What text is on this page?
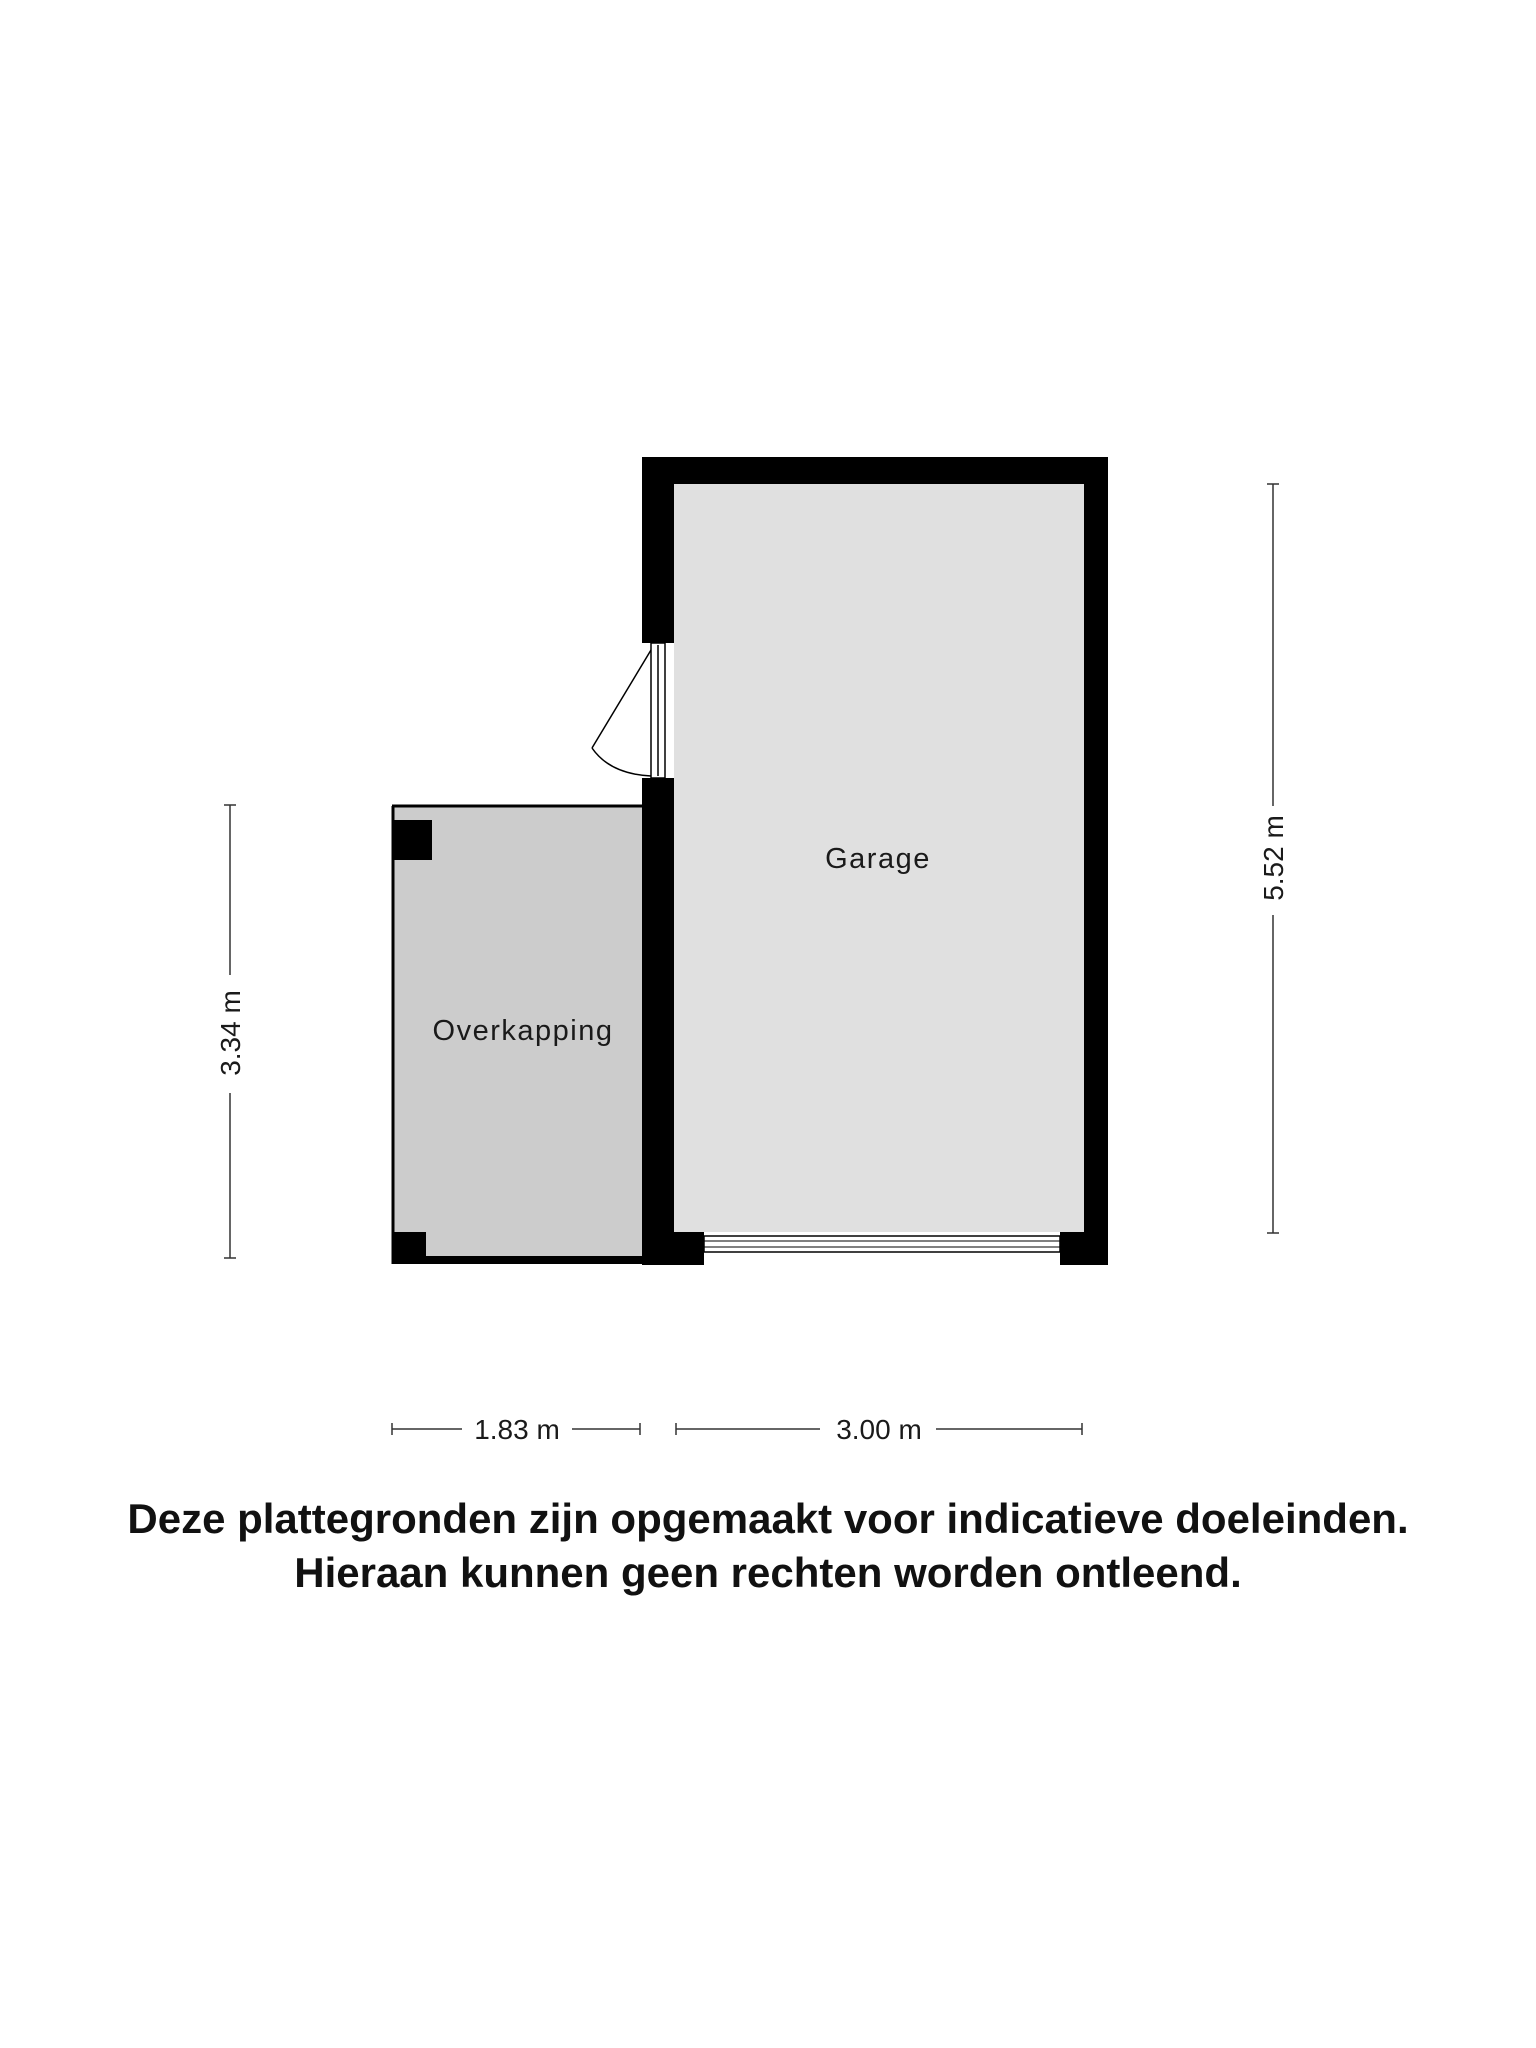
Overkapping
Garage
3.34 m
5.52 m
1.83 m	3.00 m
Deze plattegronden zijn opgemaakt voor indicatieve doeleinden.
Hieraan kunnen geen rechten worden ontleend.
